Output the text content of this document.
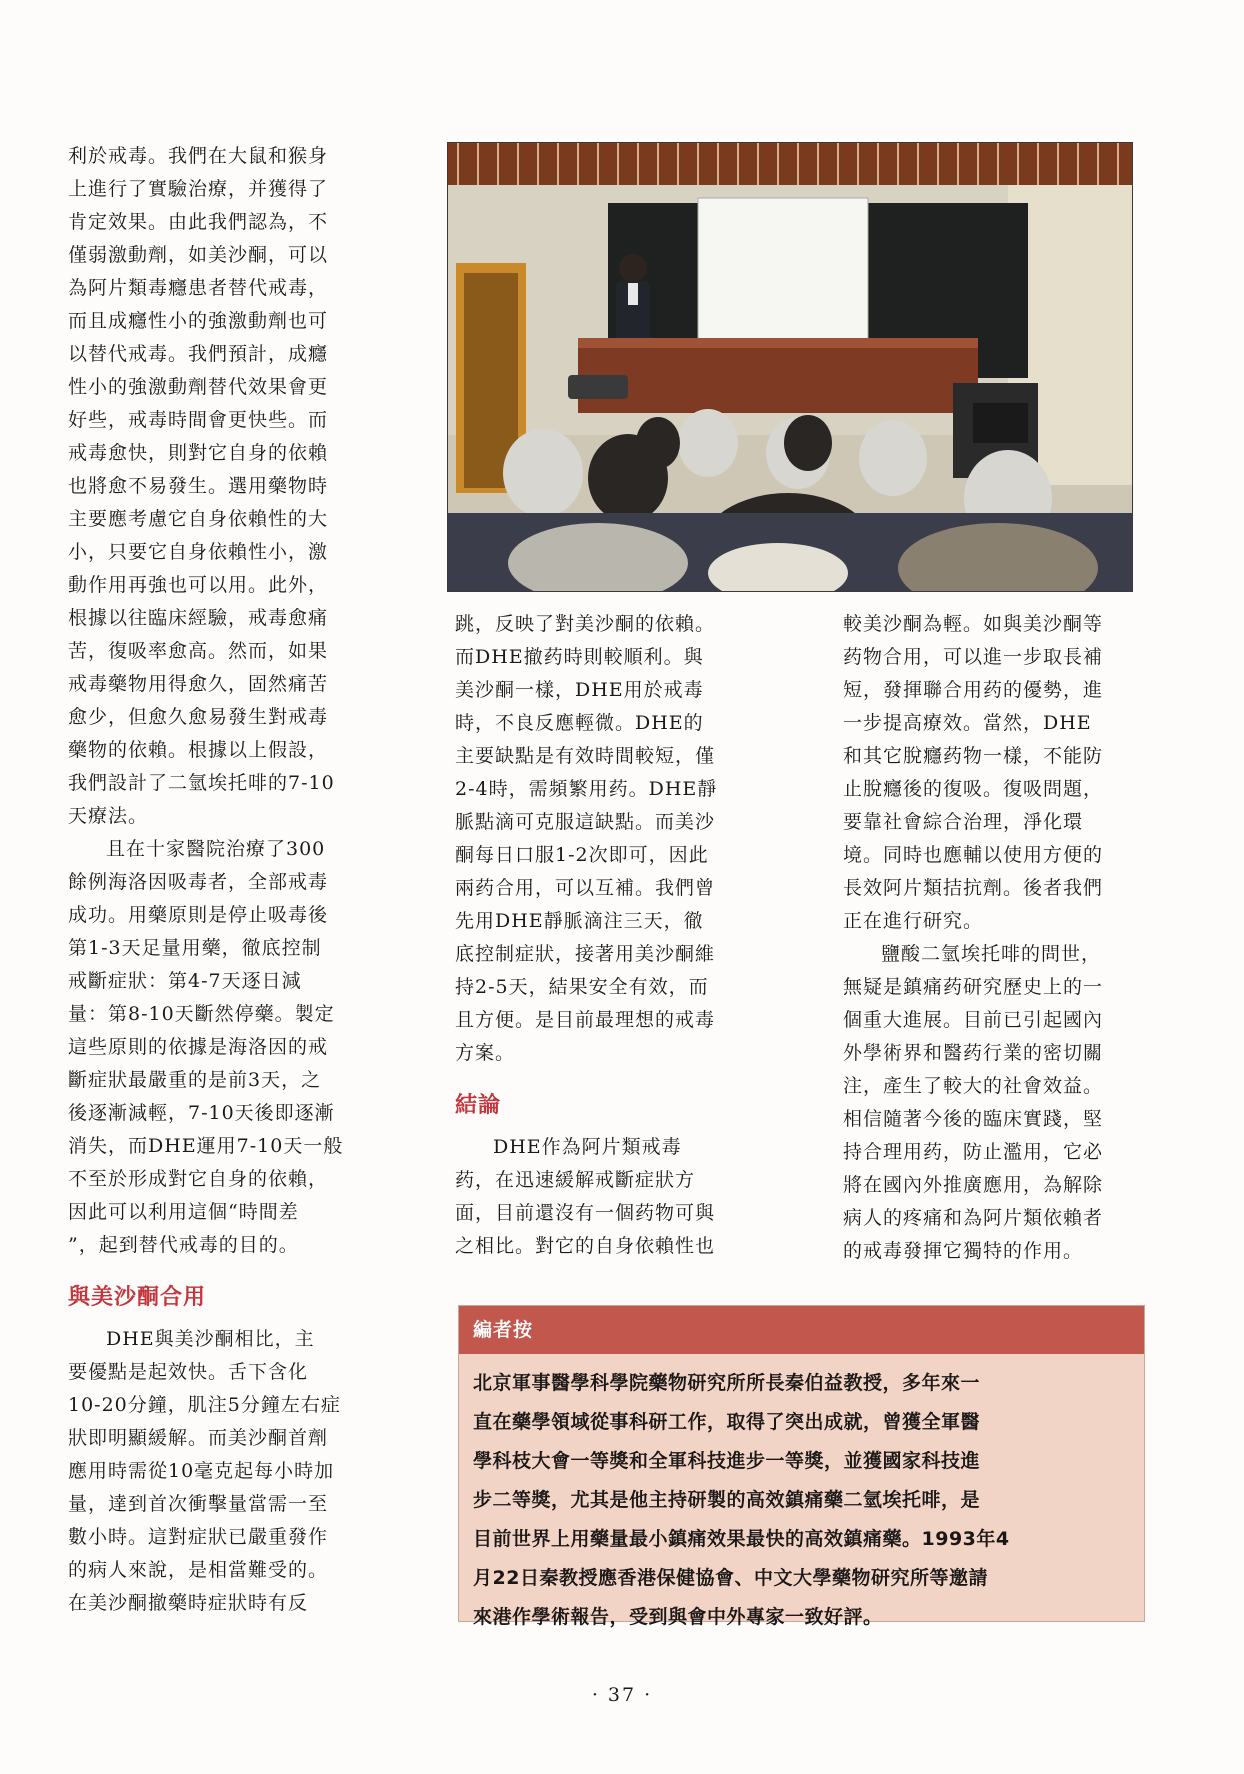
利於戒毒。我們在大鼠和猴身

上進行了實驗治療，并獲得了

肯定效果。由此我們認為，不

僅弱激動劑，如美沙酮，可以

為阿片類毒癮患者替代戒毒，

而且成癮性小的強激動劑也可

以替代戒毒。我們預計，成癮

性小的強激動劑替代效果會更

好些，戒毒時間會更快些。而

戒毒愈快，則對它自身的依賴

也將愈不易發生。選用藥物時

主要應考慮它自身依賴性的大

小，只要它自身依賴性小，激

動作用再強也可以用。此外，

根據以往臨床經驗，戒毒愈痛

苦，復吸率愈高。然而，如果

戒毒藥物用得愈久，固然痛苦

愈少，但愈久愈易發生對戒毒

藥物的依賴。根據以上假設，

我們設計了二氫埃托啡的7-10

天療法。

且在十家醫院治療了300

餘例海洛因吸毒者，全部戒毒

成功。用藥原則是停止吸毒後

第1-3天足量用藥，徹底控制

戒斷症狀：第4-7天逐日減

量：第8-10天斷然停藥。製定

這些原則的依據是海洛因的戒

斷症狀最嚴重的是前3天，之

後逐漸減輕，7-10天後即逐漸

消失，而DHE運用7-10天一般

不至於形成對它自身的依賴，

因此可以利用這個“時間差

”，起到替代戒毒的目的。

與美沙酮合用

DHE與美沙酮相比，主

要優點是起效快。舌下含化

10-20分鐘，肌注5分鐘左右症

狀即明顯緩解。而美沙酮首劑

應用時需從10毫克起每小時加

量，達到首次衝擊量當需一至

數小時。這對症狀已嚴重發作

的病人來說，是相當難受的。

在美沙酮撤藥時症狀時有反

跳，反映了對美沙酮的依賴。

而DHE撤药時則較順利。與

美沙酮一樣，DHE用於戒毒

時，不良反應輕微。DHE的

主要缺點是有效時間較短，僅

2-4時，需頻繁用药。DHE靜

脈點滴可克服這缺點。而美沙

酮每日口服1-2次即可，因此

兩药合用，可以互補。我們曾

先用DHE靜脈滴注三天，徹

底控制症狀，接著用美沙酮維

持2-5天，結果安全有效，而

且方便。是目前最理想的戒毒

方案。

結論

DHE作為阿片類戒毒

药，在迅速緩解戒斷症狀方

面，目前還沒有一個药物可與

之相比。對它的自身依賴性也

較美沙酮為輕。如與美沙酮等

药物合用，可以進一步取長補

短，發揮聯合用药的優勢，進

一步提高療效。當然，DHE

和其它脫癮药物一樣，不能防

止脫癮後的復吸。復吸問題，

要靠社會綜合治理，淨化環

境。同時也應輔以使用方便的

長效阿片類拮抗劑。後者我們

正在進行研究。

鹽酸二氫埃托啡的問世，

無疑是鎮痛药研究歷史上的一

個重大進展。目前已引起國內

外學術界和醫药行業的密切關

注，產生了較大的社會效益。

相信隨著今後的臨床實踐，堅

持合理用药，防止濫用，它必

將在國內外推廣應用，為解除

病人的疼痛和為阿片類依賴者

的戒毒發揮它獨特的作用。

編者按

北京軍事醫學科學院藥物研究所所長秦伯益教授，多年來一

直在藥學領域從事科研工作，取得了突出成就，曾獲全軍醫

學科枝大會一等獎和全軍科技進步一等獎，並獲國家科技進

步二等獎，尤其是他主持研製的高效鎮痛藥二氫埃托啡，是

目前世界上用藥量最小鎮痛效果最快的高效鎮痛藥。1993年4

月22日秦教授應香港保健協會、中文大學藥物研究所等邀請

來港作學術報告，受到與會中外專家一致好評。

· 37 ·
